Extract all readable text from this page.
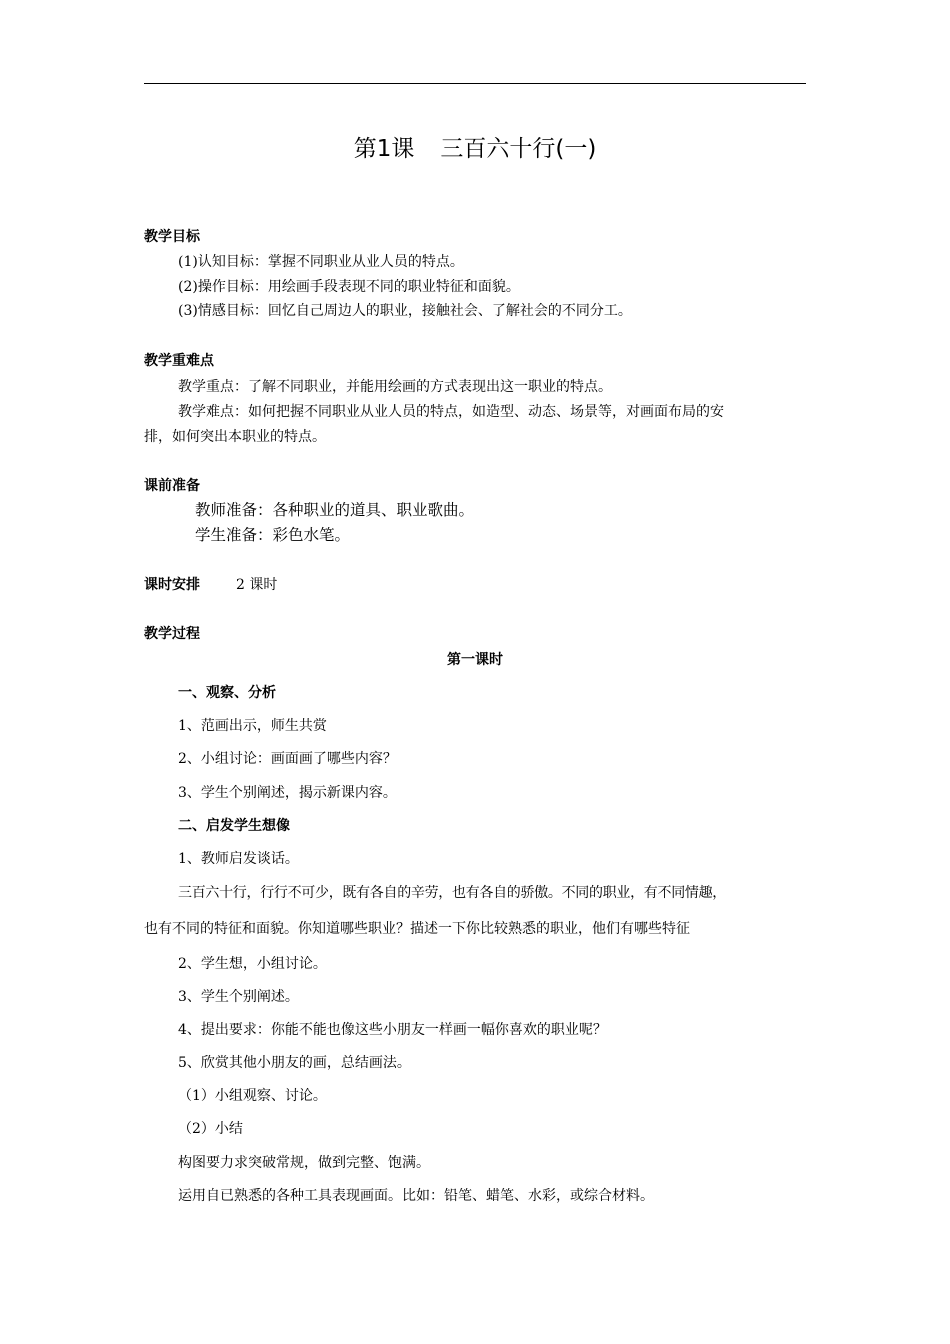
第1课 三百六十行(一)
教学目标
(1)认知目标：掌握不同职业从业人员的特点。
(2)操作目标：用绘画手段表现不同的职业特征和面貌。
(3)情感目标：回忆自己周边人的职业，接触社会、了解社会的不同分工。
教学重难点
教学重点：了解不同职业，并能用绘画的方式表现出这一职业的特点。
教学难点：如何把握不同职业从业人员的特点，如造型、动态、场景等，对画面布局的安
排，如何突出本职业的特点。
课前准备
教师准备：各种职业的道具、职业歌曲。
学生准备：彩色水笔。
课时安排	2 课时
教学过程
第一课时
一、观察、分析
1、范画出示，师生共赏
2、小组讨论：画面画了哪些内容？
3、学生个别阐述，揭示新课内容。
二、启发学生想像
1、教师启发谈话。
三百六十行，行行不可少，既有各自的辛劳，也有各自的骄傲。不同的职业，有不同情趣，
也有不同的特征和面貌。你知道哪些职业？描述一下你比较熟悉的职业，他们有哪些特征
2、学生想，小组讨论。
3、学生个别阐述。
4、提出要求：你能不能也像这些小朋友一样画一幅你喜欢的职业呢？
5、欣赏其他小朋友的画，总结画法。
（1）小组观察、讨论。
（2）小结
构图要力求突破常规，做到完整、饱满。
运用自已熟悉的各种工具表现画面。比如：铅笔、蜡笔、水彩，或综合材料。
